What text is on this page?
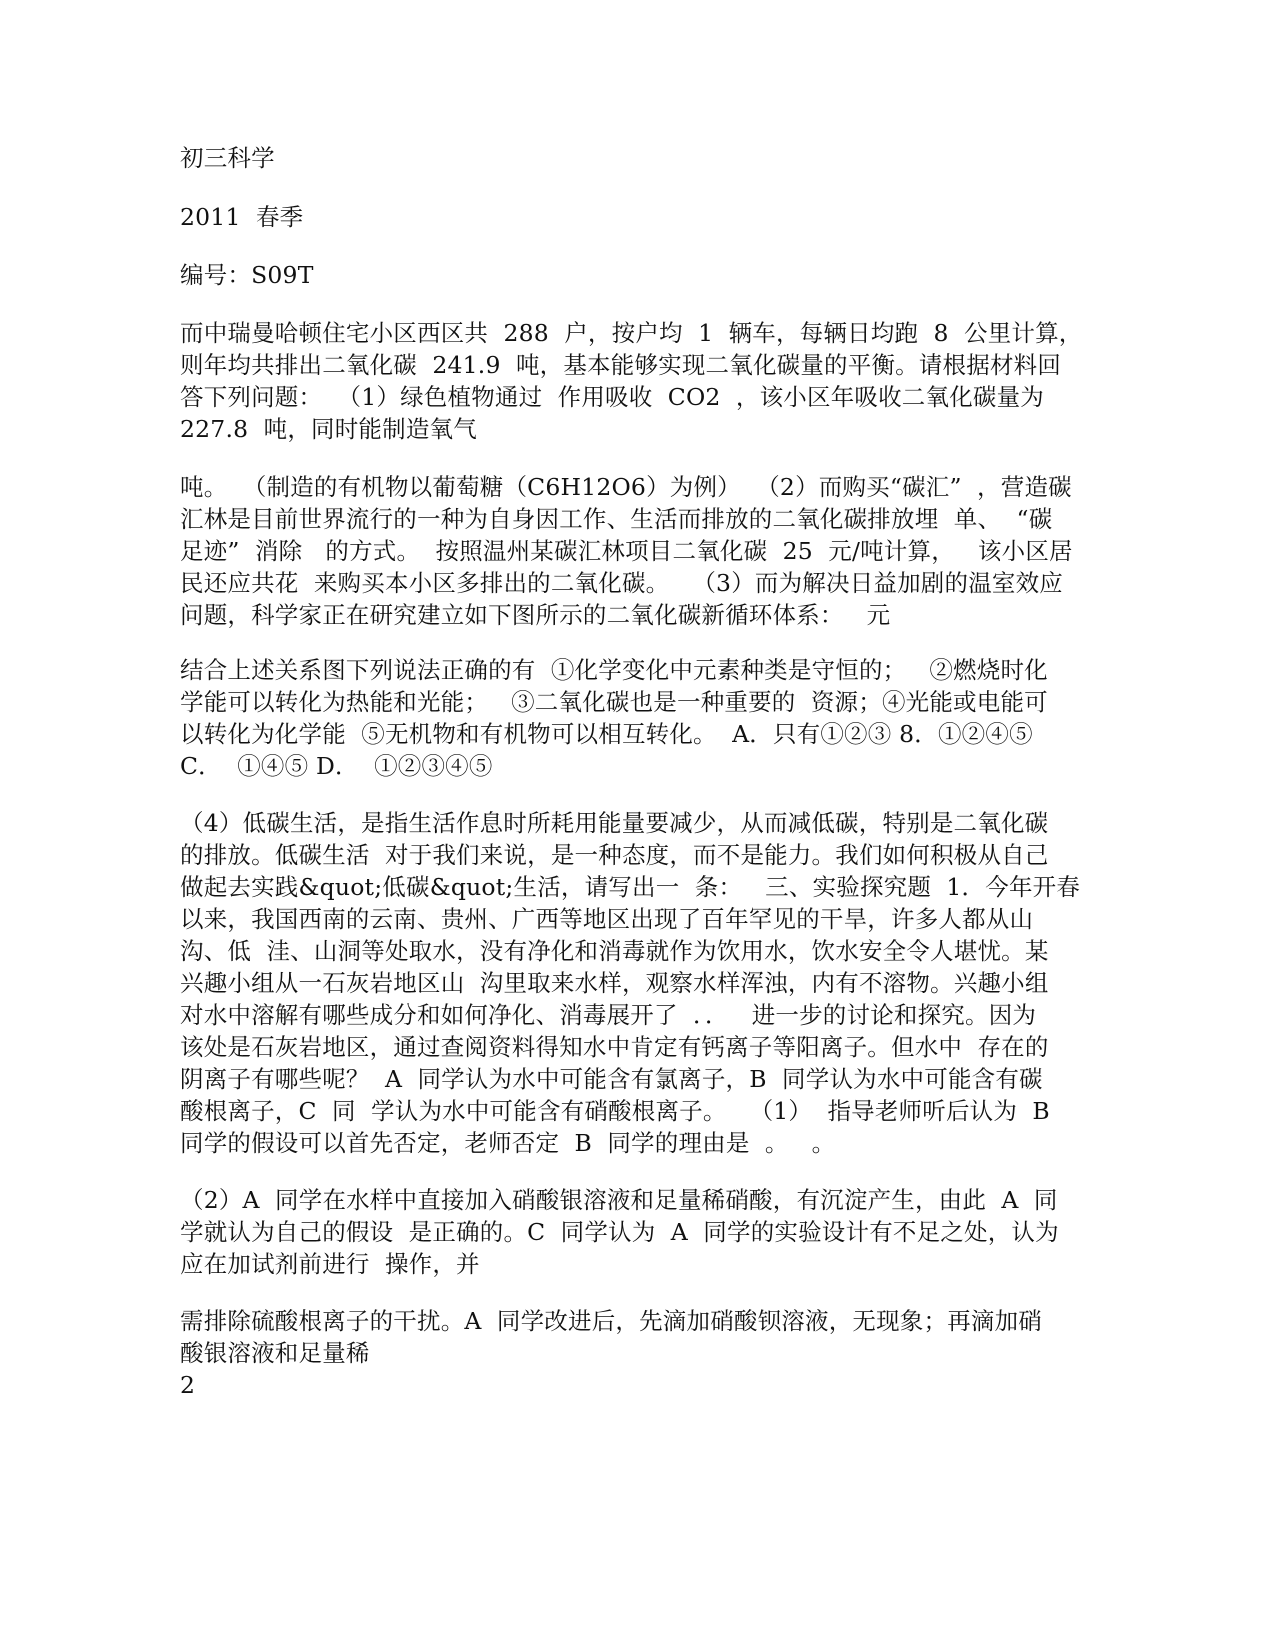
初三科学
2011  春季
编号：S09T
而中瑞曼哈顿住宅小区西区共  288  户，按户均  1  辆车，每辆日均跑  8  公里计算，
则年均共排出二氧化碳  241.9  吨，基本能够实现二氧化碳量的平衡。请根据材料回
答下列问题：  （1）绿色植物通过  作用吸收  CO2  ，该小区年吸收二氧化碳量为
227.8  吨，同时能制造氧气
吨。  （制造的有机物以葡萄糖（C6H12O6）为例）  （2）而购买“碳汇”  ，营造碳
汇林是目前世界流行的一种为自身因工作、生活而排放的二氧化碳排放埋  单、  “碳
足迹”  消除   的方式。  按照温州某碳汇林项目二氧化碳  25  元/吨计算，   该小区居
民还应共花  来购买本小区多排出的二氧化碳。   （3）而为解决日益加剧的温室效应
问题，科学家正在研究建立如下图所示的二氧化碳新循环体系：   元
结合上述关系图下列说法正确的有  ①化学变化中元素种类是守恒的；   ②燃烧时化
学能可以转化为热能和光能；   ③二氧化碳也是一种重要的  资源；④光能或电能可
以转化为化学能  ⑤无机物和有机物可以相互转化。  A．只有①②③ 8．①②④⑤
C．  ①④⑤ D．  ①②③④⑤
（4）低碳生活，是指生活作息时所耗用能量要减少，从而减低碳，特别是二氧化碳
的排放。低碳生活  对于我们来说，是一种态度，而不是能力。我们如何积极从自己
做起去实践&quot;低碳&quot;生活，请写出一  条：   三、实验探究题  1．今年开春
以来，我国西南的云南、贵州、广西等地区出现了百年罕见的干旱，许多人都从山
沟、低  洼、山洞等处取水，没有净化和消毒就作为饮用水，饮水安全令人堪忧。某
兴趣小组从一石灰岩地区山  沟里取来水样，观察水样浑浊，内有不溶物。兴趣小组
对水中溶解有哪些成分和如何净化、消毒展开了  ．．   进一步的讨论和探究。因为
该处是石灰岩地区，通过查阅资料得知水中肯定有钙离子等阳离子。但水中  存在的
阴离子有哪些呢？  A  同学认为水中可能含有氯离子，B  同学认为水中可能含有碳
酸根离子，C  同  学认为水中可能含有硝酸根离子。   （1）  指导老师听后认为  B
同学的假设可以首先否定，老师否定  B  同学的理由是  。   。
（2）A  同学在水样中直接加入硝酸银溶液和足量稀硝酸，有沉淀产生，由此  A  同
学就认为自己的假设  是正确的。C  同学认为  A  同学的实验设计有不足之处，认为
应在加试剂前进行  操作，并
需排除硫酸根离子的干扰。A  同学改进后，先滴加硝酸钡溶液，无现象；再滴加硝
酸银溶液和足量稀
2
